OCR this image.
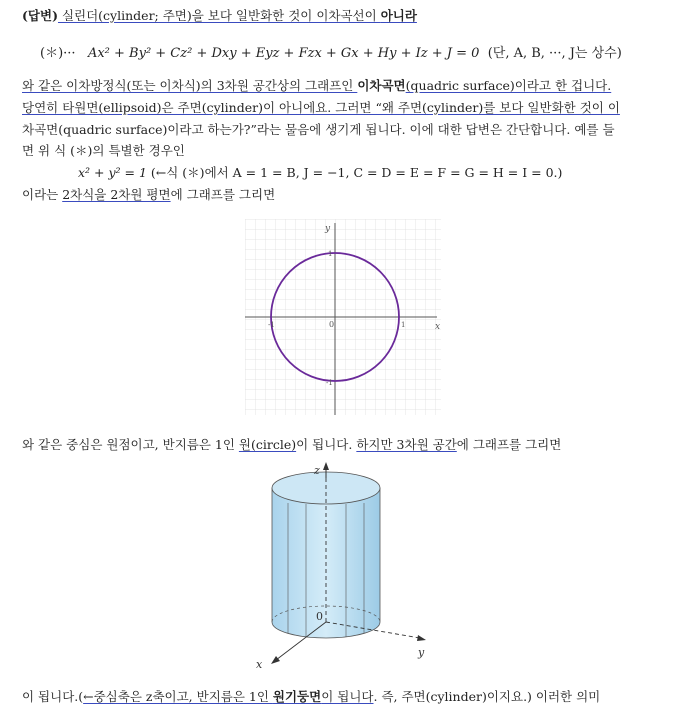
(답변) 실린더(cylinder; 주면)을 보다 일반화한 것이 이차곡선이 아니라
(＊)··· Ax² + By² + Cz² + Dxy + Eyz + Fzx + Gx + Hy + Iz + J = 0 (단, A, B, ···, J는 상수)
와 같은 이차방정식(또는 이차식)의 3차원 공간상의 그래프인 이차곡면(quadric surface)이라고 한 겁니다.
당연히 타원면(ellipsoid)은 주면(cylinder)이 아니에요. 그러면 “왜 주면(cylinder)를 보다 일반화한 것이 이
차곡면(quadric surface)이라고 하는가?”라는 물음에 생기게 됩니다. 이에 대한 답변은 간단합니다. 예를 들
면 위 식 (＊)의 특별한 경우인
x² + y² = 1 (←식 (＊)에서 A = 1 = B, J = −1, C = D = E = F = G = H = I = 0.)
이라는 2차식을 2차원 평면에 그래프를 그리면
x
y
0	1
-1
1
-1
와 같은 중심은 원점이고, 반지름은 1인 원(circle)이 됩니다. 하지만 3차원 공간에 그래프를 그리면
z
y
x
0
이 됩니다.(←중심축은 z축이고, 반지름은 1인 원기둥면이 됩니다. 즉, 주면(cylinder)이지요.) 이러한 의미
